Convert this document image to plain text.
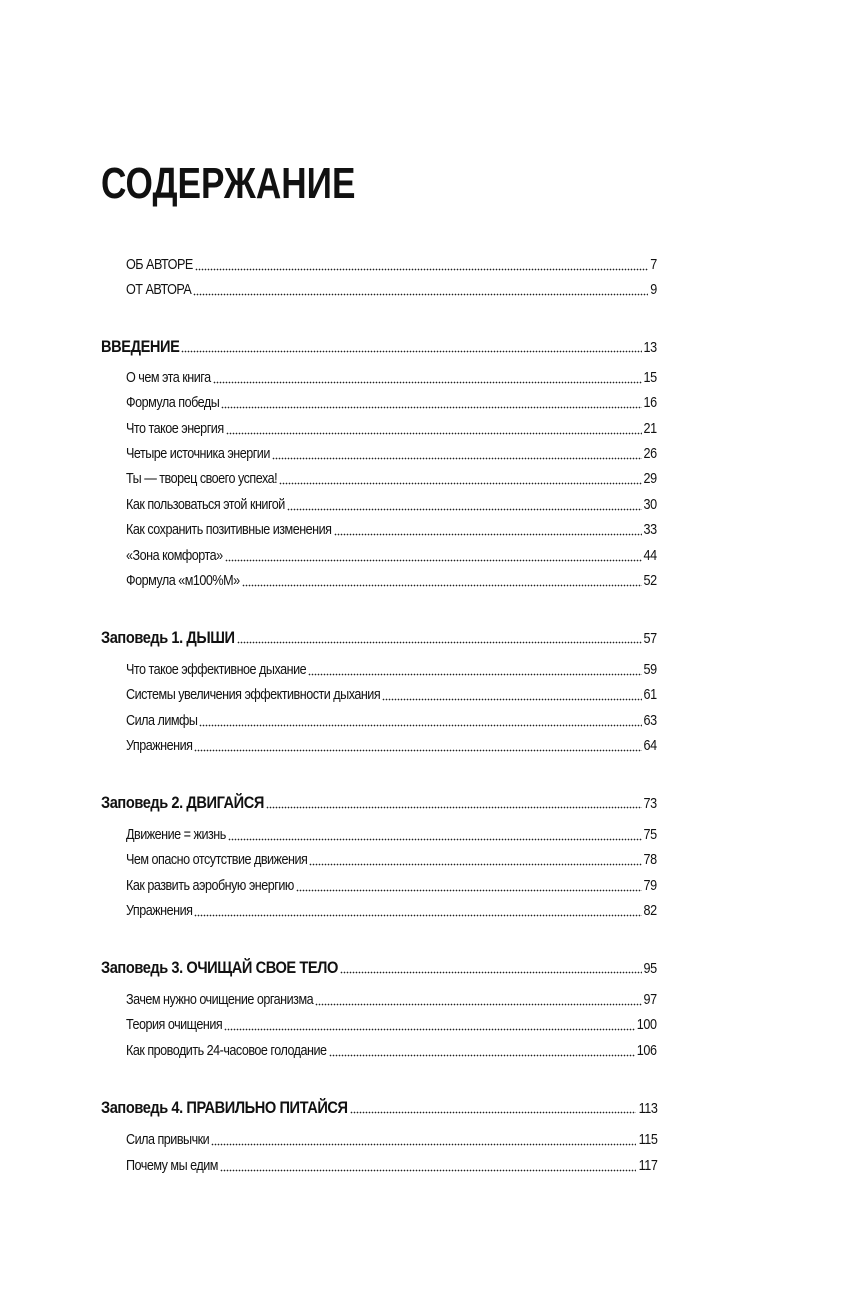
СОДЕРЖАНИЕ
ОБ АВТОРЕ	7
ОТ АВТОРА	9
ВВЕДЕНИЕ	13
О чем эта книга	15
Формула победы	16
Что такое энергия	21
Четыре источника энергии	26
Ты — творец своего успеха!	29
Как пользоваться этой книгой	30
Как сохранить позитивные изменения	33
«Зона комфорта»	44
Формула «м100%М»	52
Заповедь 1. ДЫШИ	57
Что такое эффективное дыхание	59
Системы увеличения эффективности дыхания	61
Сила лимфы	63
Упражнения	64
Заповедь 2. ДВИГАЙСЯ	73
Движение = жизнь	75
Чем опасно отсутствие движения	78
Как развить аэробную энергию	79
Упражнения	82
Заповедь 3. ОЧИЩАЙ СВОЕ ТЕЛО	95
Зачем нужно очищение организма	97
Теория очищения	100
Как проводить 24-часовое голодание	106
Заповедь 4. ПРАВИЛЬНО ПИТАЙСЯ	113
Сила привычки	115
Почему мы едим	117
